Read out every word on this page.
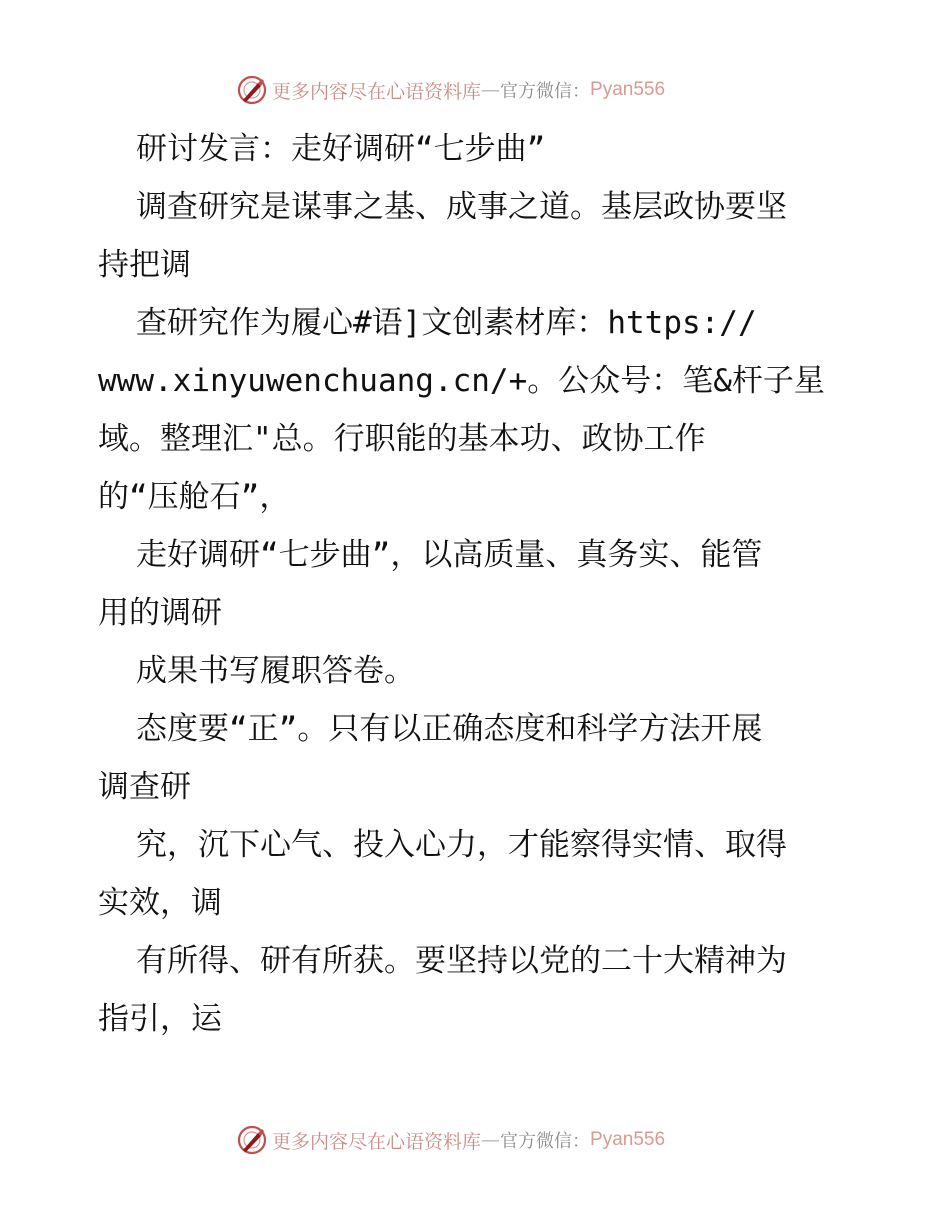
更多内容尽在心语资料库 — 官方微信： Pyan556
研讨发言：走好调研“七步曲”
调查研究是谋事之基、成事之道。基层政协要坚
持把调
查研究作为履心#语]文创素材库：https://
www.xinyuwenchuang.cn/+。公众号：笔&杆子星
域。整理汇"总。行职能的基本功、政协工作
的“压舱石”，
走好调研“七步曲”，以高质量、真务实、能管
用的调研
成果书写履职答卷。
态度要“正”。只有以正确态度和科学方法开展
调查研
究，沉下心气、投入心力，才能察得实情、取得
实效，调
有所得、研有所获。要坚持以党的二十大精神为
指引，运
更多内容尽在心语资料库 — 官方微信： Pyan556
